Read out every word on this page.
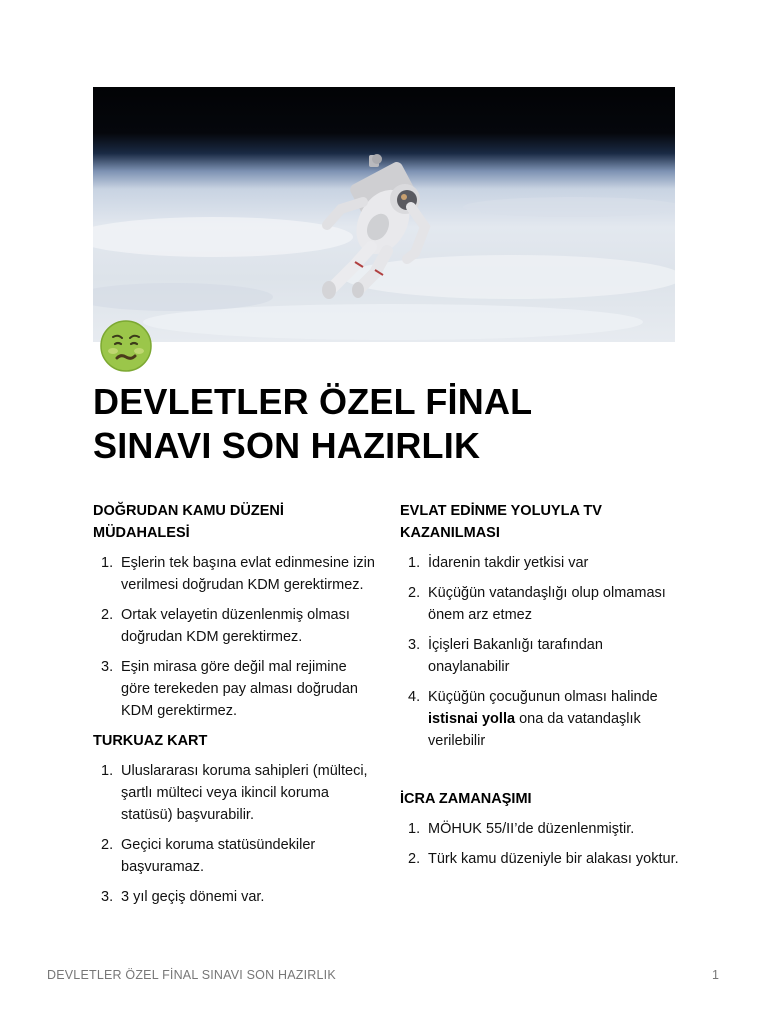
DEVLETLER ÖZEL FİNAL
SINAVI SON HAZIRLIK
DOĞRUDAN KAMU DÜZENİ
MÜDAHALESİ
1. Eşlerin tek başına evlat edinmesine izin verilmesi doğrudan KDM gerektirmez.
2. Ortak velayetin düzenlenmiş olması doğrudan KDM gerektirmez.
3. Eşin mirasa göre değil mal rejimine göre terekeden pay alması doğrudan KDM gerektirmez.
TURKUAZ KART
1. Uluslararası koruma sahipleri (mülteci, şartlı mülteci veya ikincil koruma statüsü) başvurabilir.
2. Geçici koruma statüsündekiler başvuramaz.
3. 3 yıl geçiş dönemi var.
EVLAT EDİNME YOLUYLA TV
KAZANILMASI
1. İdarenin takdir yetkisi var
2. Küçüğün vatandaşlığı olup olmaması önem arz etmez
3. İçişleri Bakanlığı tarafından onaylanabilir
4. Küçüğün çocuğunun olması halinde istisnai yolla ona da vatandaşlık verilebilir
İCRA ZAMANAŞIMI
1. MÖHUK 55/II’de düzenlenmiştir.
2. Türk kamu düzeniyle bir alakası yoktur.
DEVLETLER ÖZEL FİNAL SINAVI SON HAZIRLIK	1
